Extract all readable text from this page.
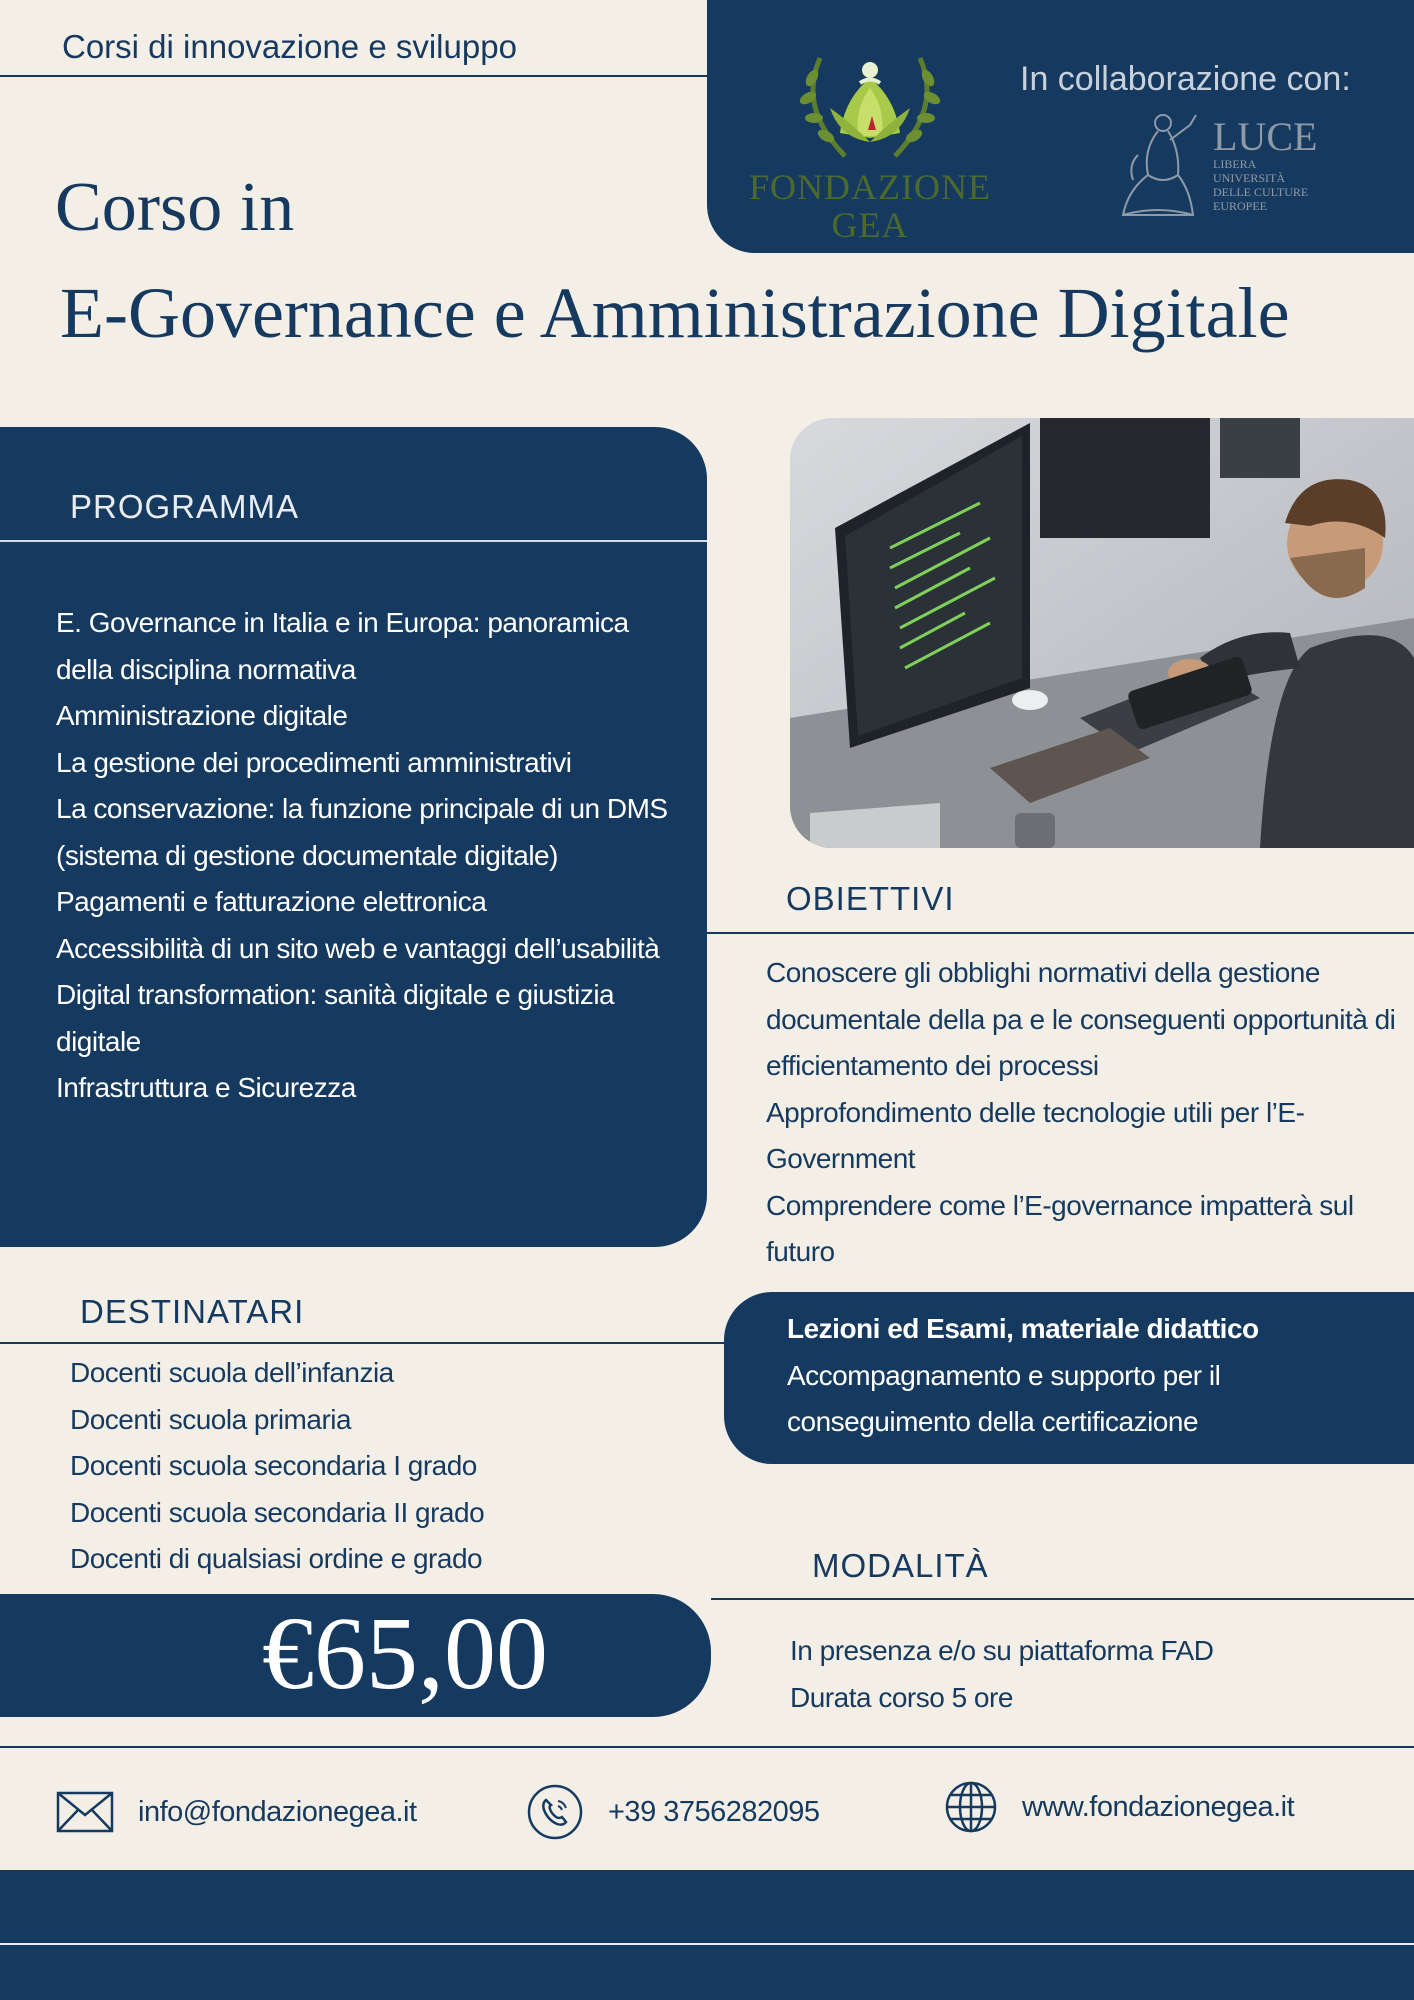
Corsi di innovazione e sviluppo
FONDAZIONE
GEA
In collaborazione con:
LUCE
LIBERA UNIVERSITÀ DELLE CULTURE EUROPEE
Corso in
E-Governance e Amministrazione Digitale
PROGRAMMA
E. Governance in Italia e in Europa: panoramica della disciplina normativa
Amministrazione digitale
La gestione dei procedimenti amministrativi
La conservazione: la funzione principale di un DMS (sistema di gestione documentale digitale)
Pagamenti e fatturazione elettronica
Accessibilità di un sito web e vantaggi dell’usabilità
Digital transformation: sanità digitale e giustizia digitale
Infrastruttura e Sicurezza
OBIETTIVI
Conoscere gli obblighi normativi della gestione documentale della pa e le conseguenti opportunità di efficientamento dei processi
Approfondimento delle tecnologie utili per l’E-Government
Comprendere come l’E-governance impatterà sul futuro
DESTINATARI
Docenti scuola dell’infanzia
Docenti scuola primaria
Docenti scuola secondaria I grado
Docenti scuola secondaria II grado
Docenti di qualsiasi ordine e grado
Lezioni ed Esami, materiale didattico
Accompagnamento e supporto per il conseguimento della certificazione
€65,00
MODALITÀ
In presenza e/o su piattaforma FAD
Durata corso 5 ore
info@fondazionegea.it	+39 3756282095	www.fondazionegea.it
